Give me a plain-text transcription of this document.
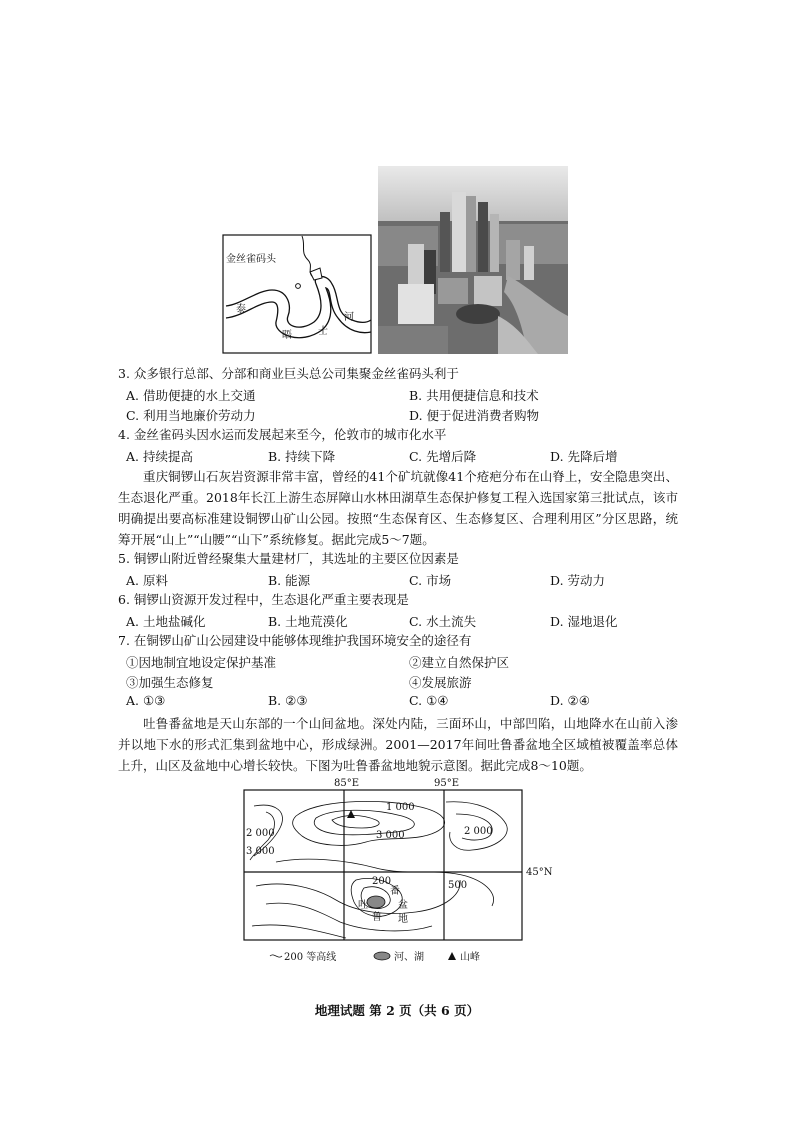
金丝雀码头
泰
晤	士
河
3. 众多银行总部、分部和商业巨头总公司集聚金丝雀码头利于
A. 借助便捷的水上交通	B. 共用便捷信息和技术
C. 利用当地廉价劳动力	D. 便于促进消费者购物
4. 金丝雀码头因水运而发展起来至今，伦敦市的城市化水平
A. 持续提高	B. 持续下降	C. 先增后降	D. 先降后增
重庆铜锣山石灰岩资源非常丰富，曾经的41个矿坑就像41个疮疤分布在山脊上，安全隐患突出、生态退化严重。2018年长江上游生态屏障山水林田湖草生态保护修复工程入选国家第三批试点，该市明确提出要高标准建设铜锣山矿山公园。按照“生态保育区、生态修复区、合理利用区”分区思路，统筹开展“山上”“山腰”“山下”系统修复。据此完成5～7题。
5. 铜锣山附近曾经聚集大量建材厂，其选址的主要区位因素是
A. 原料	B. 能源	C. 市场	D. 劳动力
6. 铜锣山资源开发过程中，生态退化严重主要表现是
A. 土地盐碱化	B. 土地荒漠化	C. 水土流失	D. 湿地退化
7. 在铜锣山矿山公园建设中能够体现维护我国环境安全的途径有
①因地制宜地设定保护基准	②建立自然保护区
③加强生态修复	④发展旅游
A. ①③	B. ②③	C. ①④	D. ②④
吐鲁番盆地是天山东部的一个山间盆地。深处内陆，三面环山，中部凹陷，山地降水在山前入渗并以地下水的形式汇集到盆地中心，形成绿洲。2001—2017年间吐鲁番盆地全区域植被覆盖率总体上升，山区及盆地中心增长较快。下图为吐鲁番盆地地貌示意图。据此完成8～10题。
85°E	95°E
45°N
1 000
3 000	2 000
2 000
3 000
200	500
吐
鲁
番
盆
地
200 等高线	河、湖	山峰
地理试题 第 2 页（共 6 页）
